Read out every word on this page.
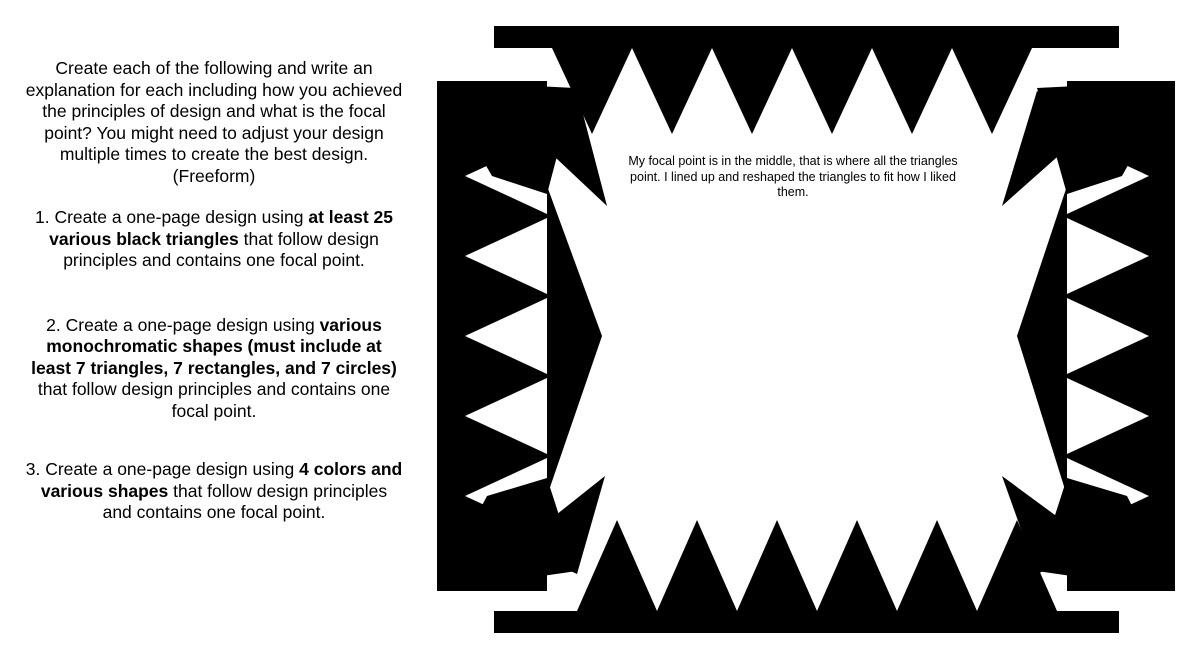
Create each of the following and write an explanation for each including how you achieved the principles of design and what is the focal point? You might need to adjust your design multiple times to create the best design. (Freeform)

1. Create a one-page design using at least 25 various black triangles that follow design principles and contains one focal point.

2. Create a one-page design using various monochromatic shapes (must include at least 7 triangles, 7 rectangles, and 7 circles) that follow design principles and contains one focal point.

3. Create a one-page design using 4 colors and various shapes that follow design principles and contains one focal point.

My focal point is in the middle, that is where all the triangles point. I lined up and reshaped the triangles to fit how I liked them.
